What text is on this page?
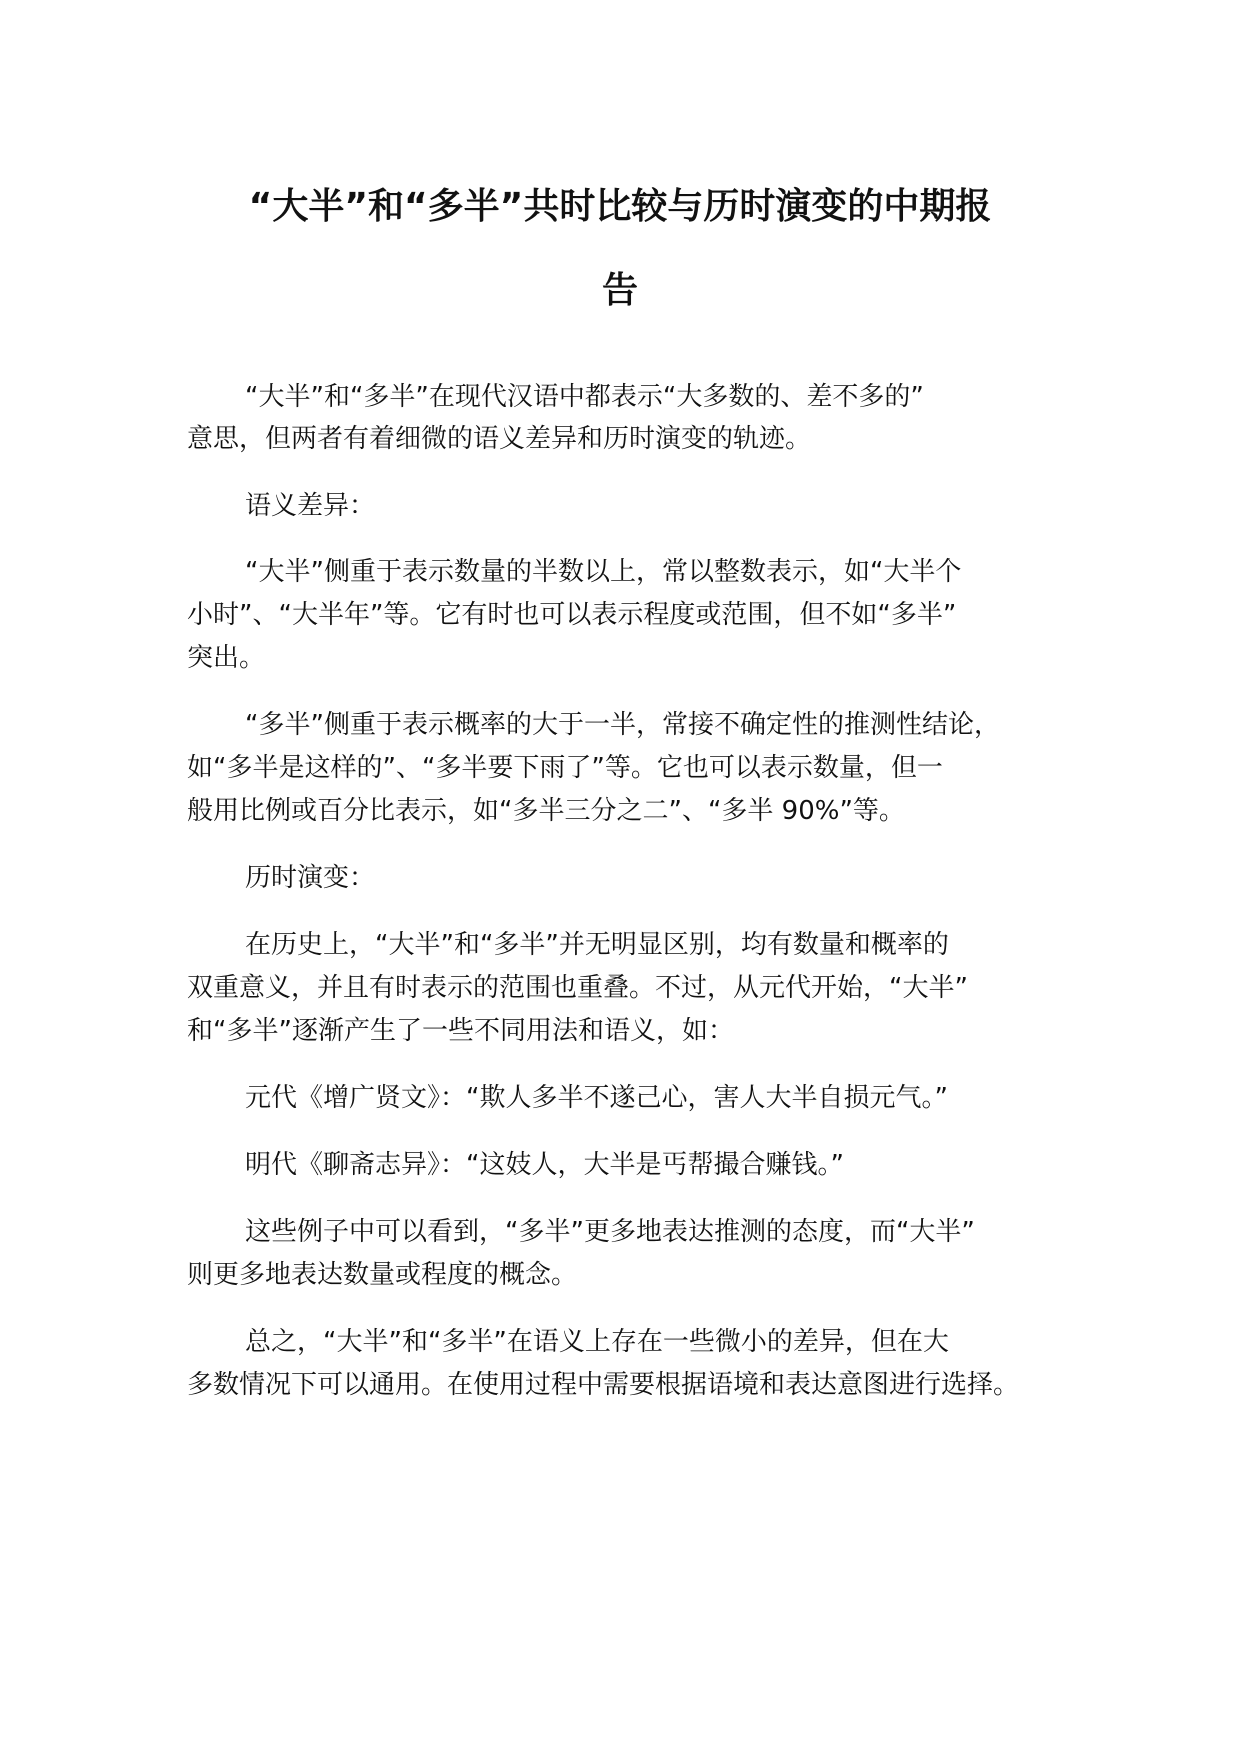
“大半”和“多半”共时比较与历时演变的中期报
告

“大半”和“多半”在现代汉语中都表示“大多数的、差不多的”

意思，但两者有着细微的语义差异和历时演变的轨迹。

语义差异：

“大半”侧重于表示数量的半数以上，常以整数表示，如“大半个

小时”、“大半年”等。它有时也可以表示程度或范围，但不如“多半”

突出。

“多半”侧重于表示概率的大于一半，常接不确定性的推测性结论，

如“多半是这样的”、“多半要下雨了”等。它也可以表示数量，但一

般用比例或百分比表示，如“多半三分之二”、“多半 90%”等。

历时演变：

在历史上，“大半”和“多半”并无明显区别，均有数量和概率的

双重意义，并且有时表示的范围也重叠。不过，从元代开始，“大半”

和“多半”逐渐产生了一些不同用法和语义，如：

元代《增广贤文》：“欺人多半不遂己心，害人大半自损元气。”

明代《聊斋志异》：“这妓人，大半是丐帮撮合赚钱。”

这些例子中可以看到，“多半”更多地表达推测的态度，而“大半”

则更多地表达数量或程度的概念。

总之，“大半”和“多半”在语义上存在一些微小的差异，但在大

多数情况下可以通用。在使用过程中需要根据语境和表达意图进行选择。
